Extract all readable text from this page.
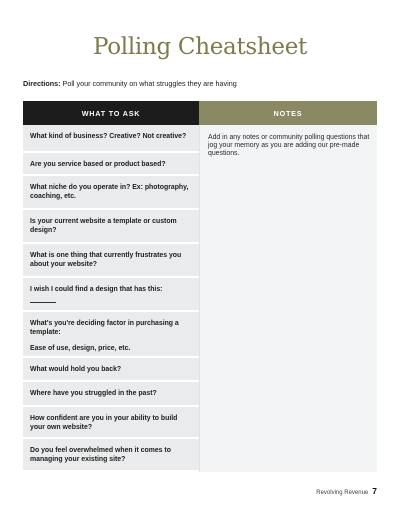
Polling Cheatsheet
Directions: Poll your community on what struggles they are having
WHAT TO ASK	NOTES
What kind of business? Creative? Not creative?
Are you service based or product based?
What niche do you operate in? Ex: photography, coaching, etc.
Is your current website a template or custom design?
What is one thing that currently frustrates you about your website?
I wish I could find a design that has this:
What's you're deciding factor in purchasing a template:
Ease of use, design, price, etc.
What would hold you back?
Where have you struggled in the past?
How confident are you in your ability to build your own website?
Do you feel overwhelmed when it comes to managing your existing site?
Add in any notes or community polling questions that jog your memory as you are adding our pre-made questions.
Revolving Revenue 7
